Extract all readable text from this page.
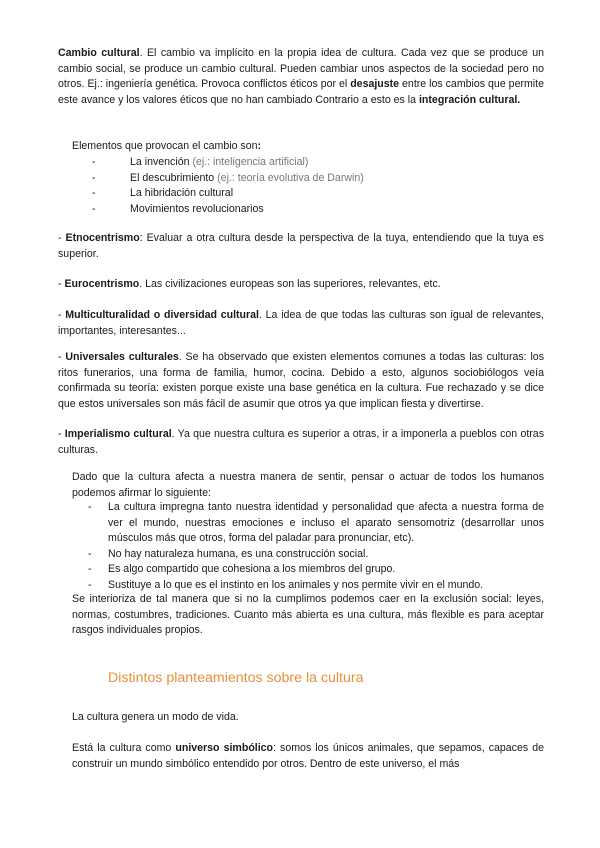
Cambio cultural. El cambio va implícito en la propia idea de cultura. Cada vez que se produce un cambio social, se produce un cambio cultural. Pueden cambiar unos aspectos de la sociedad pero no otros. Ej.: ingeniería genética. Provoca conflictos éticos por el desajuste entre los cambios que permite este avance y los valores éticos que no han cambiado Contrario a esto es la integración cultural.

Elementos que provocan el cambio son:

-	La invención (ej.: inteligencia artificial)
-	El descubrimiento (ej.: teoría evolutiva de Darwin)
-	La hibridación cultural
-	Movimientos revolucionarios

- Etnocentrismo: Evaluar a otra cultura desde la perspectiva de la tuya, entendiendo que la tuya es superior.

- Eurocentrismo. Las civilizaciones europeas son las superiores, relevantes, etc.

- Multiculturalidad o diversidad cultural. La idea de que todas las culturas son igual de relevantes, importantes, interesantes...

- Universales culturales. Se ha observado que existen elementos comunes a todas las culturas: los ritos funerarios, una forma de familia, humor, cocina. Debido a esto, algunos sociobiólogos veía confirmada su teoría: existen porque existe una base genética en la cultura. Fue rechazado y se dice que estos universales son más fácil de asumir que otros ya que implican fiesta y divertirse.

- Imperialismo cultural. Ya que nuestra cultura es superior a otras, ir a imponerla a pueblos con otras culturas.

Dado que la cultura afecta a nuestra manera de sentir, pensar o actuar de todos los humanos podemos afirmar lo siguiente:

- La cultura impregna tanto nuestra identidad y personalidad que afecta a nuestra forma de ver el mundo, nuestras emociones e incluso el aparato sensomotriz (desarrollar unos músculos más que otros, forma del paladar para pronunciar, etc).
- No hay naturaleza humana, es una construcción social.
- Es algo compartido que cohesiona a los miembros del grupo.
- Sustituye a lo que es el instinto en los animales y nos permite vivir en el mundo.

Se interioriza de tal manera que si no la cumplimos podemos caer en la exclusión social: leyes, normas, costumbres, tradiciones. Cuanto más abierta es una cultura, más flexible es para aceptar rasgos individuales propios.

Distintos planteamientos sobre la cultura

La cultura genera un modo de vida.

Está la cultura como universo simbólico: somos los únicos animales, que sepamos, capaces de construir un mundo simbólico entendido por otros. Dentro de este universo, el más
